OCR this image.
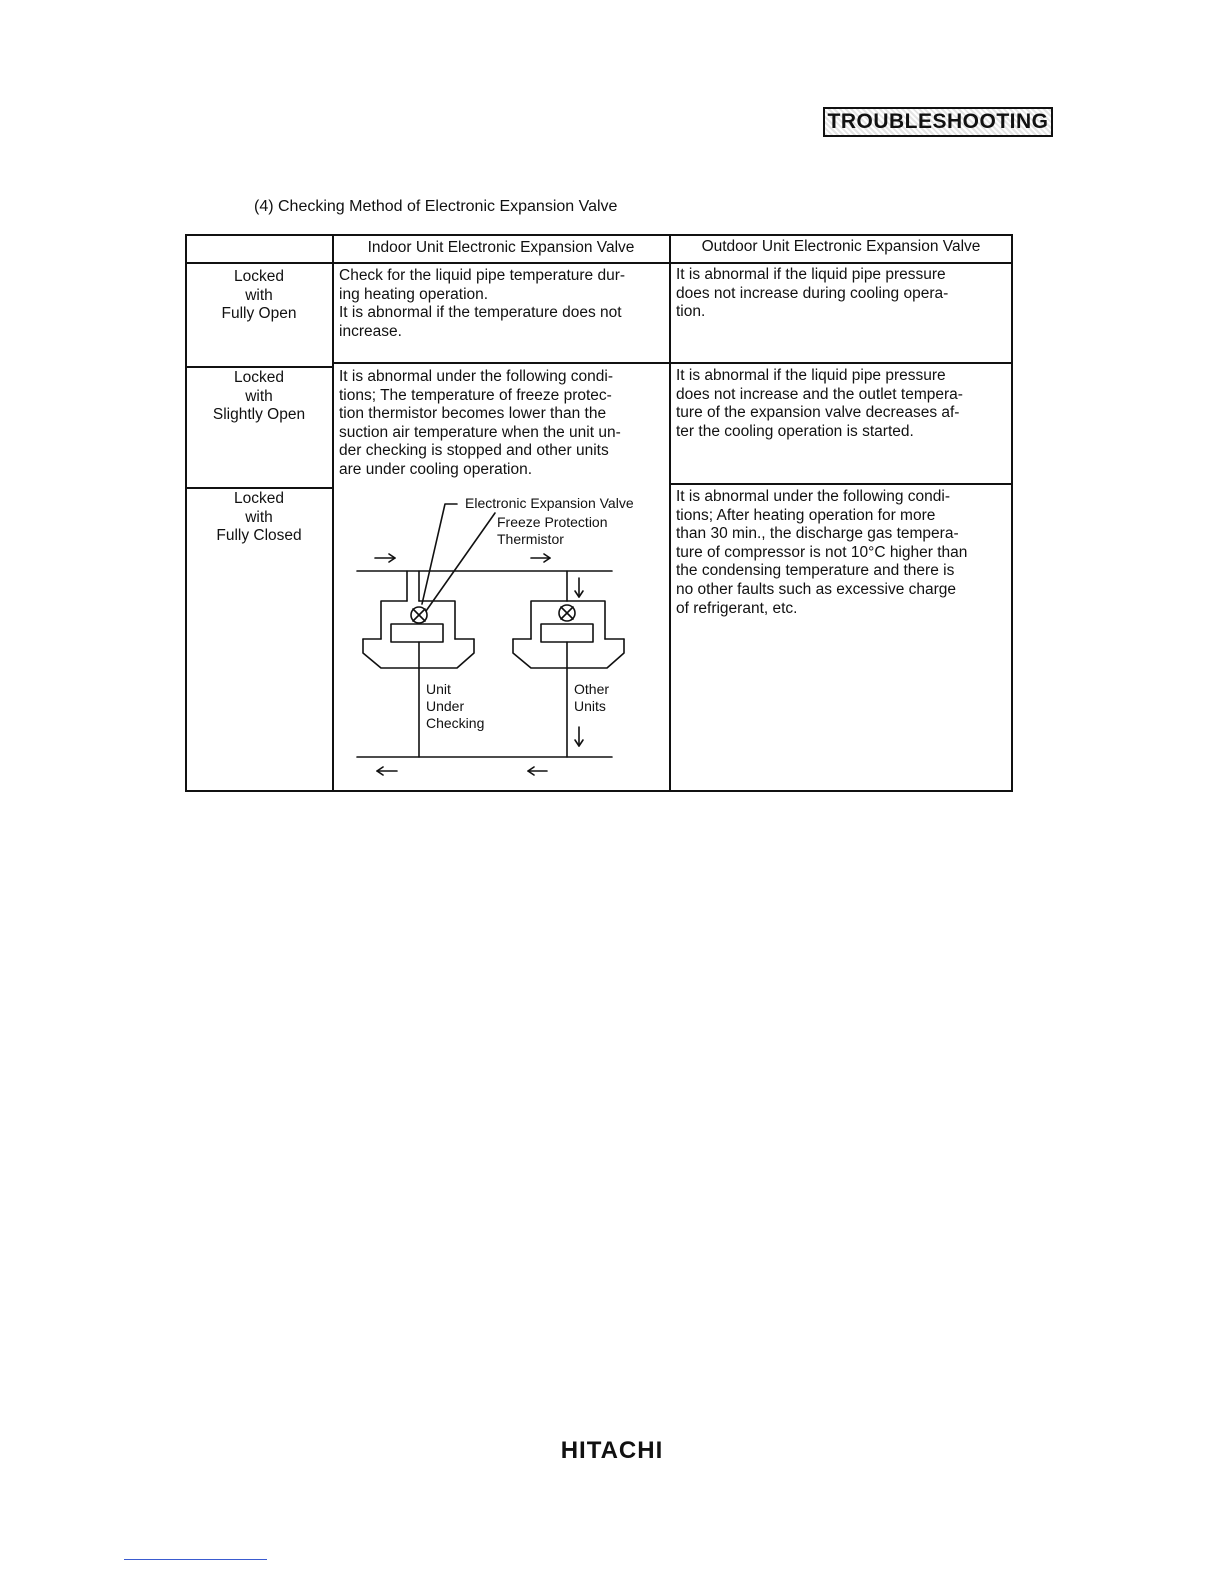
TROUBLESHOOTING
(4) Checking Method of Electronic Expansion Valve
Indoor Unit Electronic Expansion Valve	Outdoor Unit Electronic Expansion Valve

Locked

with

Fully Open

Check for the liquid pipe temperature dur-

ing heating operation.

It is abnormal if the temperature does not

increase.

It is abnormal if the liquid pipe pressure

does not increase during cooling opera-

tion.

Locked

with

Slightly Open

It is abnormal under the following condi-

tions; The temperature of freeze protec-

tion thermistor becomes lower than the

suction air temperature when the unit un-

der checking is stopped and other units

are under cooling operation.

It is abnormal if the liquid pipe pressure

does not increase and the outlet tempera-

ture of the expansion valve decreases af-

ter the cooling operation is started.

Locked

with

Fully Closed

It is abnormal under the following condi-

tions; After heating operation for more

than 30 min., the discharge gas tempera-

ture of compressor is not 10°C higher than

the condensing temperature and there is

no other faults such as excessive charge

of refrigerant, etc.

Electronic Expansion Valve
Freeze Protection
Thermistor
Unit
Under
Checking
Other
Units
HITACHI
